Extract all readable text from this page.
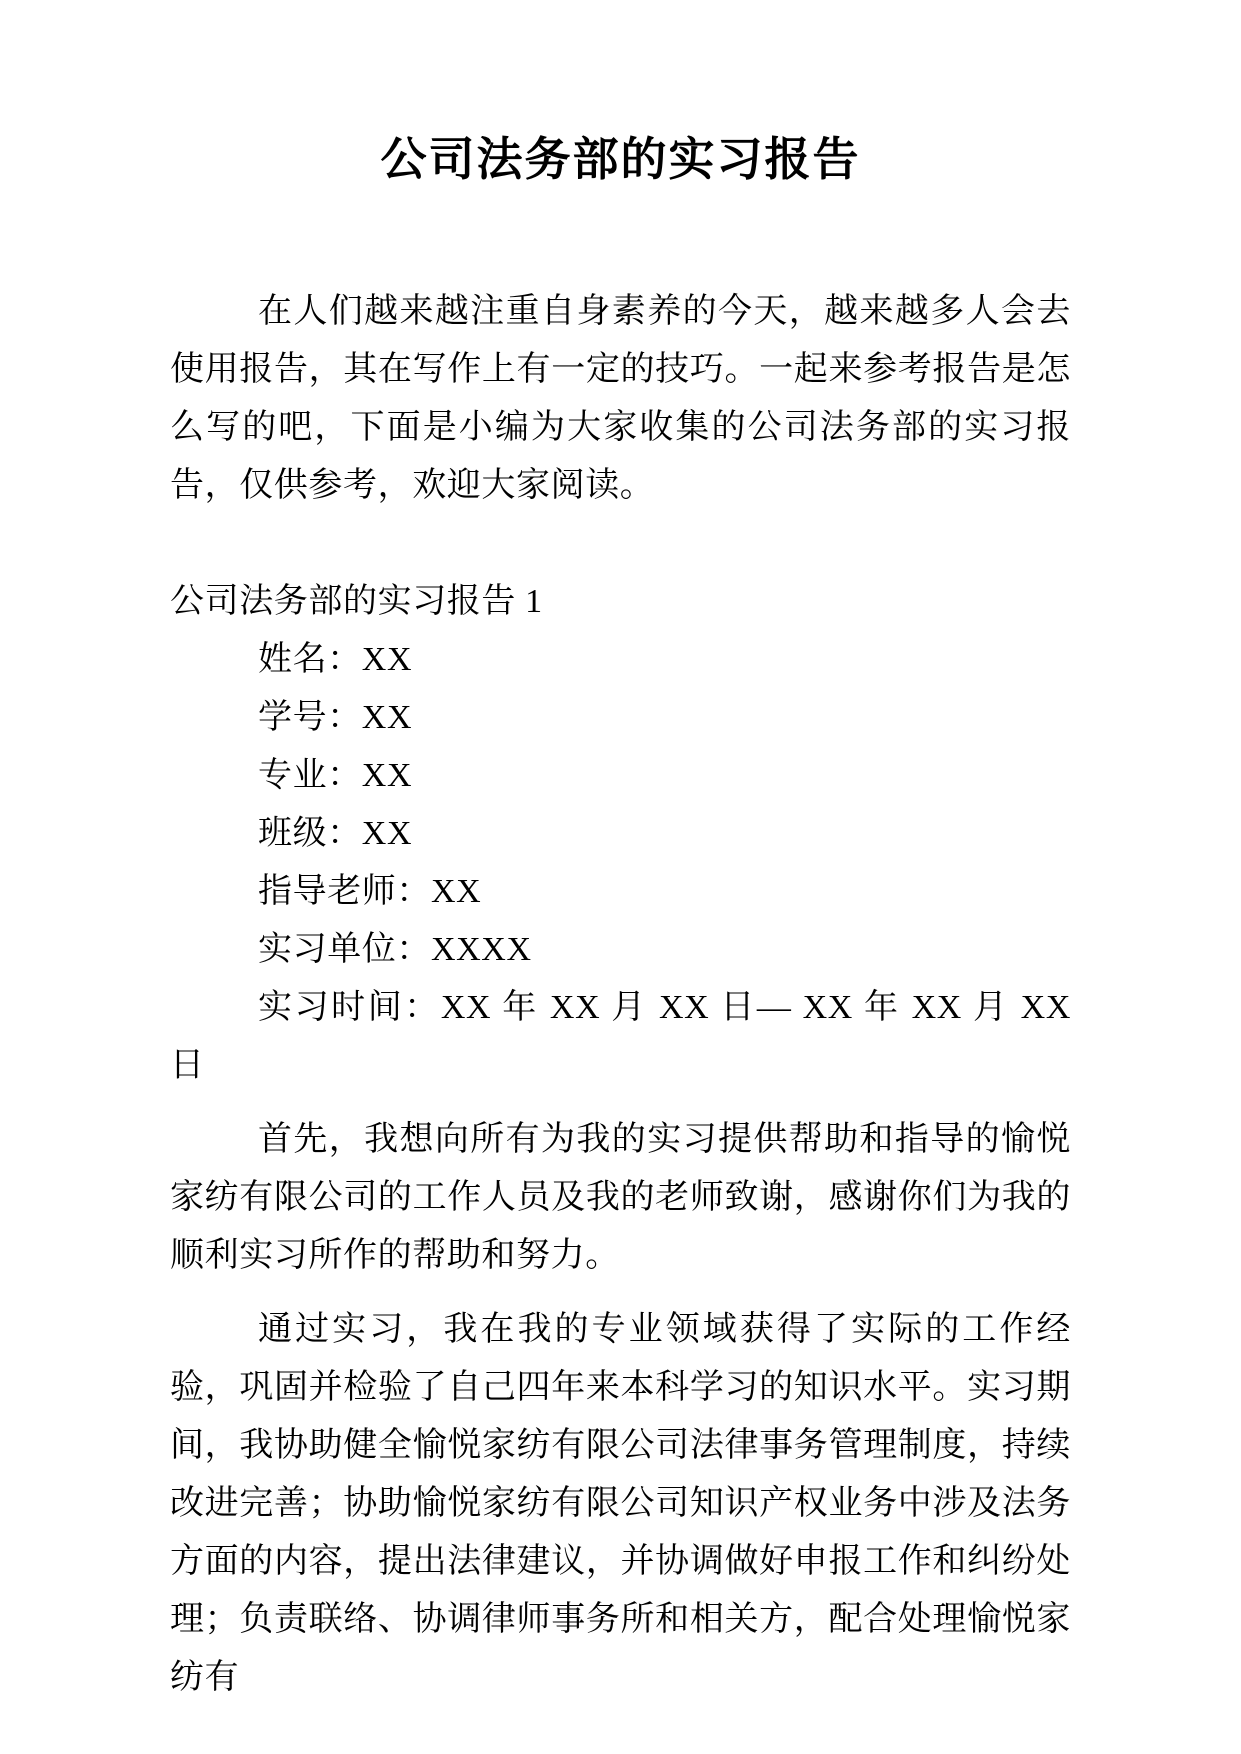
公司法务部的实习报告

在人们越来越注重自身素养的今天，越来越多人会去使用报告，其在写作上有一定的技巧。一起来参考报告是怎么写的吧，下面是小编为大家收集的公司法务部的实习报告，仅供参考，欢迎大家阅读。

公司法务部的实习报告 1

姓名：XX

学号：XX

专业：XX

班级：XX

指导老师：XX

实习单位：XXXX

实习时间：XX 年 XX 月 XX 日— XX 年 XX 月 XX 日

首先，我想向所有为我的实习提供帮助和指导的愉悦家纺有限公司的工作人员及我的老师致谢，感谢你们为我的顺利实习所作的帮助和努力。

通过实习，我在我的专业领域获得了实际的工作经验，巩固并检验了自己四年来本科学习的知识水平。实习期间，我协助健全愉悦家纺有限公司法律事务管理制度，持续改进完善；协助愉悦家纺有限公司知识产权业务中涉及法务方面的内容，提出法律建议，并协调做好申报工作和纠纷处理；负责联络、协调律师事务所和相关方，配合处理愉悦家纺有
